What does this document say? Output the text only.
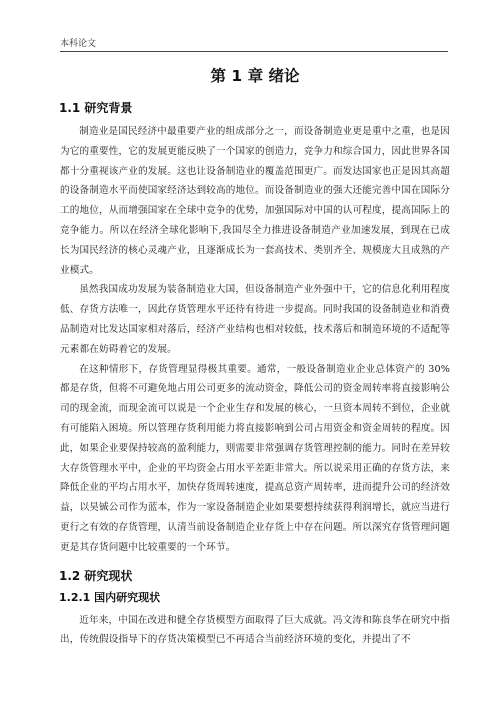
本科论文
第 1 章 绪论
1.1 研究背景

制造业是国民经济中最重要产业的组成部分之一，而设备制造业更是重中之重，也是因为它的重要性，它的发展更能反映了一个国家的创造力，竞争力和综合国力，因此世界各国都十分重视该产业的发展。这也让设备制造业的覆盖范围更广。而发达国家也正是因其高超的设备制造水平而使国家经济达到较高的地位。而设备制造业的强大还能完善中国在国际分工的地位，从而增强国家在全球中竞争的优势，加强国际对中国的认可程度，提高国际上的竞争能力。所以在经济全球化影响下,我国尽全力推进设备制造产业加速发展，到现在已成长为国民经济的核心灵魂产业，且逐渐成长为一套高技术、类别齐全、规模庞大且成熟的产业模式。

虽然我国成功发展为装备制造业大国，但设备制造产业外强中干，它的信息化利用程度低、存货方法唯一，因此存货管理水平还待有待进一步提高。同时我国的设备制造业和消费品制造对比发达国家相对落后，经济产业结构也相对较低，技术落后和制造环境的不适配等元素都在妨碍着它的发展。

在这种情形下，存货管理显得极其重要。通常，一般设备制造业企业总体资产的 30% 都是存货，但将不可避免地占用公司更多的流动资金，降低公司的资金周转率将直接影响公司的现金流，而现金流可以说是一个企业生存和发展的核心，一旦资本周转不到位，企业就有可能陷入困境。所以管理存货利用能力将直接影响到公司占用资金和资金周转的程度。因此，如果企业要保持较高的盈利能力，则需要非常强调存货管理控制的能力。同时在差异较大存货管理水平中，企业的平均资金占用水平差距非常大。所以说采用正确的存货方法，来降低企业的平均占用水平，加快存货周转速度，提高总资产周转率，进而提升公司的经济效益，以昊铖公司作为蓝本，作为一家设备制造企业如果要想持续获得利润增长，就应当进行更行之有效的存货管理，认清当前设备制造企业存货上中存在问题。所以深究存货管理问题更是其存货问题中比较重要的一个环节。

1.2 研究现状
1.2.1 国内研究现状

近年来，中国在改进和健全存货模型方面取得了巨大成就。冯文涛和陈良华在研究中指出，传统假设指导下的存货决策模型已不再适合当前经济环境的变化，并提出了不
